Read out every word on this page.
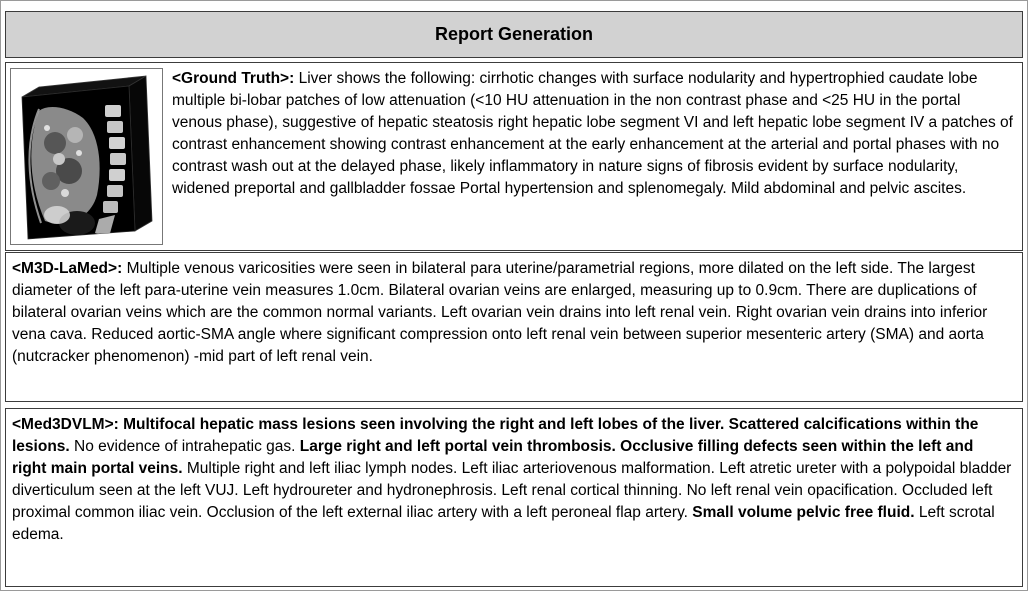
Report Generation

<Ground Truth>: Liver shows the following: cirrhotic changes with surface nodularity and hypertrophied caudate lobe multiple bi-lobar patches of low attenuation (<10 HU attenuation in the non contrast phase and <25 HU in the portal venous phase), suggestive of hepatic steatosis right hepatic lobe segment VI and left hepatic lobe segment IV a patches of contrast enhancement showing contrast enhancement at the early enhancement at the arterial and portal phases with no contrast wash out at the delayed phase, likely inflammatory in nature signs of fibrosis evident by surface nodularity, widened preportal and gallbladder fossae Portal hypertension and splenomegaly. Mild abdominal and pelvic ascites.

<M3D-LaMed>: Multiple venous varicosities were seen in bilateral para uterine/parametrial regions, more dilated on the left side. The largest diameter of the left para-uterine vein measures 1.0cm. Bilateral ovarian veins are enlarged, measuring up to 0.9cm. There are duplications of bilateral ovarian veins which are the common normal variants. Left ovarian vein drains into left renal vein. Right ovarian vein drains into inferior vena cava. Reduced aortic-SMA angle where significant compression onto left renal vein between superior mesenteric artery (SMA) and aorta (nutcracker phenomenon) -mid part of left renal vein.

<Med3DVLM>: Multifocal hepatic mass lesions seen involving the right and left lobes of the liver. Scattered calcifications within the lesions. No evidence of intrahepatic gas. Large right and left portal vein thrombosis. Occlusive filling defects seen within the left and right main portal veins. Multiple right and left iliac lymph nodes. Left iliac arteriovenous malformation. Left atretic ureter with a polypoidal bladder diverticulum seen at the left VUJ. Left hydroureter and hydronephrosis. Left renal cortical thinning. No left renal vein opacification. Occluded left proximal common iliac vein. Occlusion of the left external iliac artery with a left peroneal flap artery. Small volume pelvic free fluid. Left scrotal edema.
